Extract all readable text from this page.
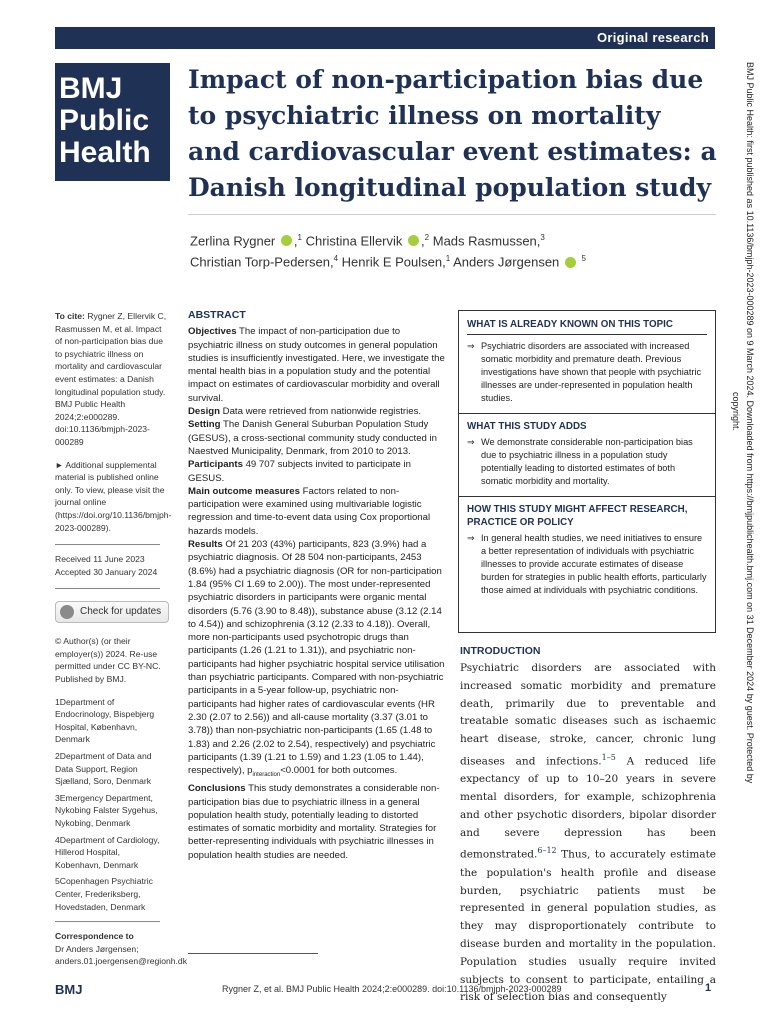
Original research
BMJ
Public
Health
Impact of non-participation bias due to psychiatric illness on mortality and cardiovascular event estimates: a Danish longitudinal population study
Zerlina Rygner ,$^1$ Christina Ellervik ,$^2$ Mads Rasmussen,$^3$
Christian Torp-Pedersen,$^4$ Henrik E Poulsen,$^1$ Anders Jørgensen	$^5$
To cite: Rygner Z, Ellervik C, Rasmussen M, et al. Impact of non-participation bias due to psychiatric illness on mortality and cardiovascular event estimates: a Danish longitudinal population study. BMJ Public Health 2024;2:e000289. doi:10.1136/bmjph-2023-000289
► Additional supplemental material is published online only. To view, please visit the journal online (https://doi.org/10.1136/bmjph-2023-000289).
Received 11 June 2023
Accepted 30 January 2024
Check for updates
© Author(s) (or their employer(s)) 2024. Re-use permitted under CC BY-NC. Published by BMJ.
1Department of Endocrinology, Bispebjerg Hospital, København, Denmark
2Department of Data and Data Support, Region Sjælland, Soro, Denmark
3Emergency Department, Nykobing Falster Sygehus, Nykobing, Denmark
4Department of Cardiology, Hillerod Hospital, Kobenhavn, Denmark
5Copenhagen Psychiatric Center, Frederiksberg, Hovedstaden, Denmark
Correspondence to
Dr Anders Jørgensen; anders.01.joergensen@regionh.dk
ABSTRACT

Objectives The impact of non-participation due to psychiatric illness on study outcomes in general population studies is insufficiently investigated. Here, we investigate the mental health bias in a population study and the potential impact on estimates of cardiovascular morbidity and overall survival.

Design Data were retrieved from nationwide registries.

Setting The Danish General Suburban Population Study (GESUS), a cross-sectional community study conducted in Naestved Municipality, Denmark, from 2010 to 2013.

Participants 49 707 subjects invited to participate in GESUS.

Main outcome measures Factors related to non-participation were examined using multivariable logistic regression and time-to-event data using Cox proportional hazards models.

Results Of 21 203 (43%) participants, 823 (3.9%) had a psychiatric diagnosis. Of 28 504 non-participants, 2453 (8.6%) had a psychiatric diagnosis (OR for non-participation 1.84 (95% CI 1.69 to 2.00)). The most under-represented psychiatric disorders in participants were organic mental disorders (5.76 (3.90 to 8.48)), substance abuse (3.12 (2.14 to 4.54)) and schizophrenia (3.12 (2.33 to 4.18)). Overall, more non-participants used psychotropic drugs than participants (1.26 (1.21 to 1.31)), and psychiatric non-participants had higher psychiatric hospital service utilisation than psychiatric participants. Compared with non-psychiatric participants in a 5-year follow-up, psychiatric non-participants had higher rates of cardiovascular events (HR 2.30 (2.07 to 2.56)) and all-cause mortality (3.37 (3.01 to 3.78)) than non-psychiatric non-participants (1.65 (1.48 to 1.83) and 2.26 (2.02 to 2.54), respectively) and psychiatric participants (1.39 (1.21 to 1.59) and 1.23 (1.05 to 1.44), respectively), $p_{interaction}<0.0001$ for both outcomes.

Conclusions This study demonstrates a considerable non-participation bias due to psychiatric illness in a general population health study, potentially leading to distorted estimates of somatic morbidity and mortality. Strategies for better-representing individuals with psychiatric illnesses in population health studies are needed.

WHAT IS ALREADY KNOWN ON THIS TOPIC
⇒ Psychiatric disorders are associated with increased somatic morbidity and premature death. Previous investigations have shown that people with psychiatric illnesses are under-represented in population health studies.
WHAT THIS STUDY ADDS
⇒ We demonstrate considerable non-participation bias due to psychiatric illness in a population study potentially leading to distorted estimates of both somatic morbidity and mortality.
HOW THIS STUDY MIGHT AFFECT RESEARCH, PRACTICE OR POLICY
⇒ In general health studies, we need initiatives to ensure a better representation of individuals with psychiatric illnesses to provide accurate estimates of disease burden for strategies in public health efforts, particularly those aimed at individuals with psychiatric conditions.
INTRODUCTION

Psychiatric disorders are associated with increased somatic morbidity and premature death, primarily due to preventable and treatable somatic diseases such as ischaemic heart disease, stroke, cancer, chronic lung diseases and infections.$^{1-5}$ A reduced life expectancy of up to 10–20 years in severe mental disorders, for example, schizophrenia and other psychotic disorders, bipolar disorder and severe depression has been demonstrated.$^{6-12}$ Thus, to accurately estimate the population's health profile and disease burden, psychiatric patients must be represented in general population studies, as they may disproportionately contribute to disease burden and mortality in the population. Population studies usually require invited subjects to consent to participate, entailing a risk of selection bias and consequently

BMJ	Rygner Z, et al. BMJ Public Health 2024;2:e000289. doi:10.1136/bmjph-2023-000289	1
BMJ Public Health: first published as 10.1136/bmjph-2023-000289 on 9 March 2024. Downloaded from https://bmjpublichealth.bmj.com on 31 December 2024 by guest. Protected by
copyright.
